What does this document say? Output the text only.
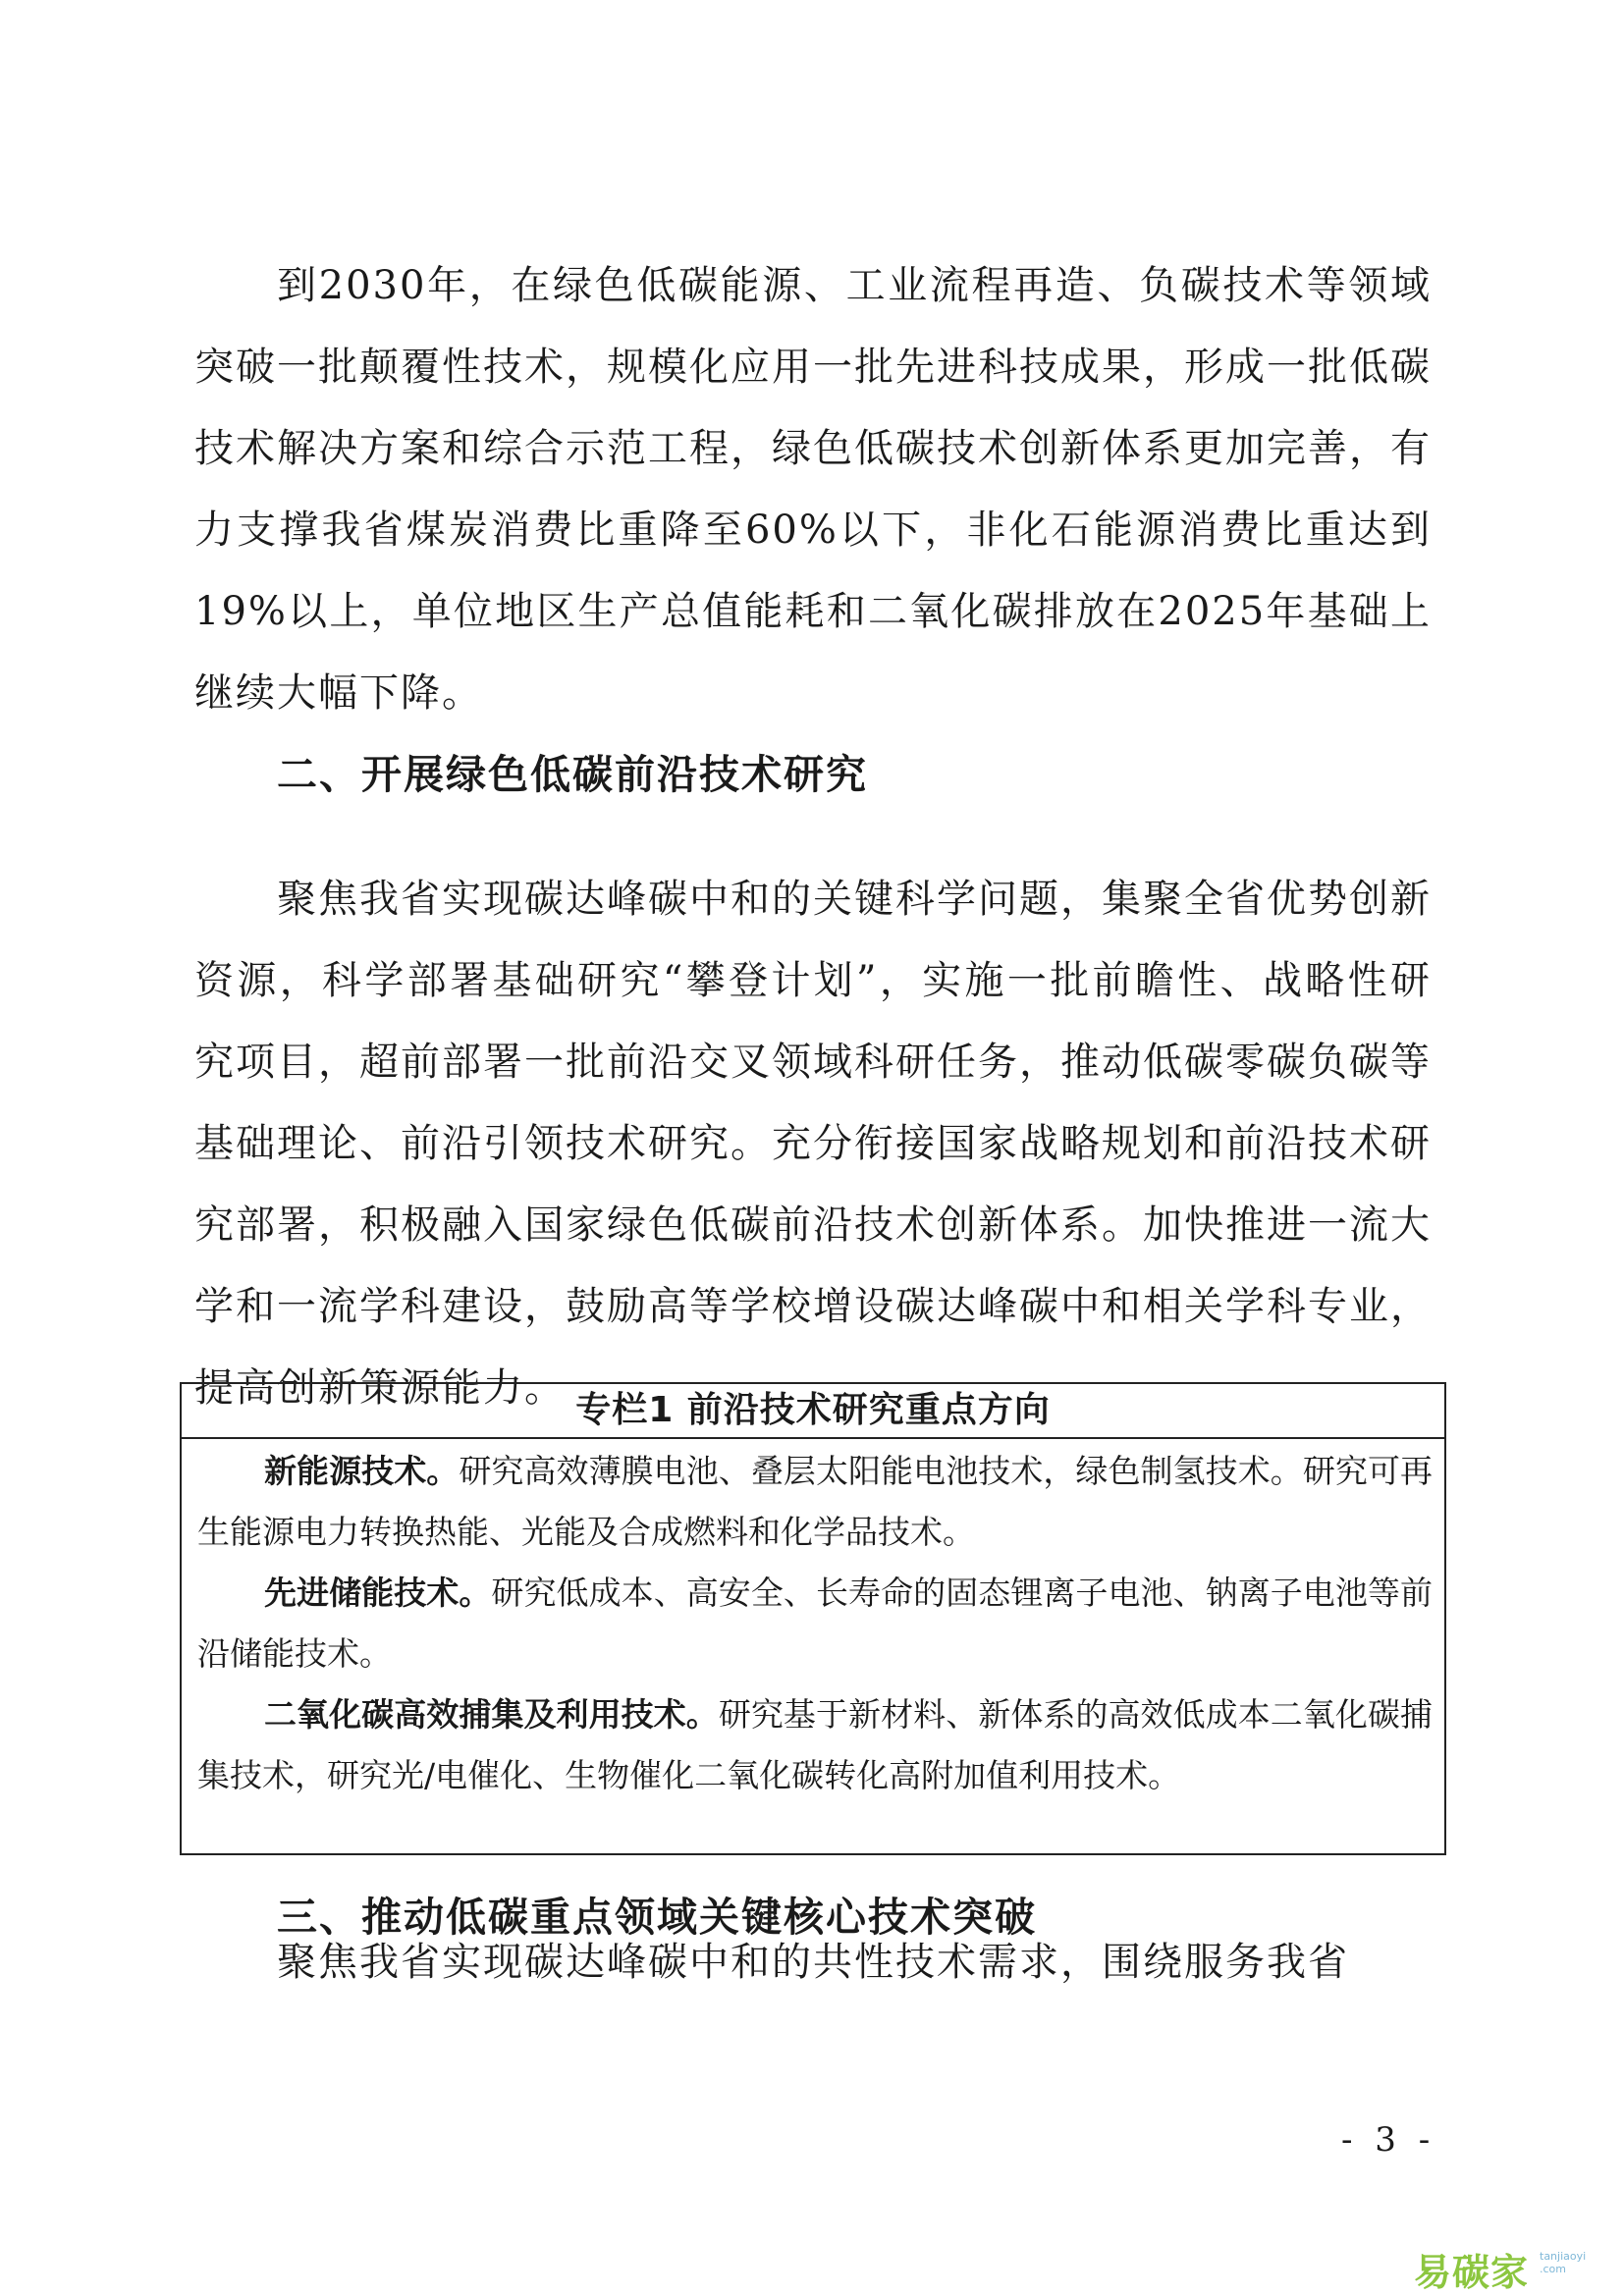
到2030年，在绿色低碳能源、工业流程再造、负碳技术等领域突破一批颠覆性技术，规模化应用一批先进科技成果，形成一批低碳技术解决方案和综合示范工程，绿色低碳技术创新体系更加完善，有力支撑我省煤炭消费比重降至60%以下，非化石能源消费比重达到19%以上，单位地区生产总值能耗和二氧化碳排放在2025年基础上继续大幅下降。

二、开展绿色低碳前沿技术研究

聚焦我省实现碳达峰碳中和的关键科学问题，集聚全省优势创新资源，科学部署基础研究“攀登计划”，实施一批前瞻性、战略性研究项目，超前部署一批前沿交叉领域科研任务，推动低碳零碳负碳等基础理论、前沿引领技术研究。充分衔接国家战略规划和前沿技术研究部署，积极融入国家绿色低碳前沿技术创新体系。加快推进一流大学和一流学科建设，鼓励高等学校增设碳达峰碳中和相关学科专业，提高创新策源能力。 专栏1 前沿技术研究重点方向

新能源技术。研究高效薄膜电池、叠层太阳能电池技术，绿色制氢技术。研究可再生能源电力转换热能、光能及合成燃料和化学品技术。

先进储能技术。研究低成本、高安全、长寿命的固态锂离子电池、钠离子电池等前沿储能技术。

二氧化碳高效捕集及利用技术。研究基于新材料、新体系的高效低成本二氧化碳捕集技术，研究光/电催化、生物催化二氧化碳转化高附加值利用技术。

三、推动低碳重点领域关键核心技术突破

聚焦我省实现碳达峰碳中和的共性技术需求，围绕服务我省

- 3 -
易碳家 tanjiaoyi
.com
